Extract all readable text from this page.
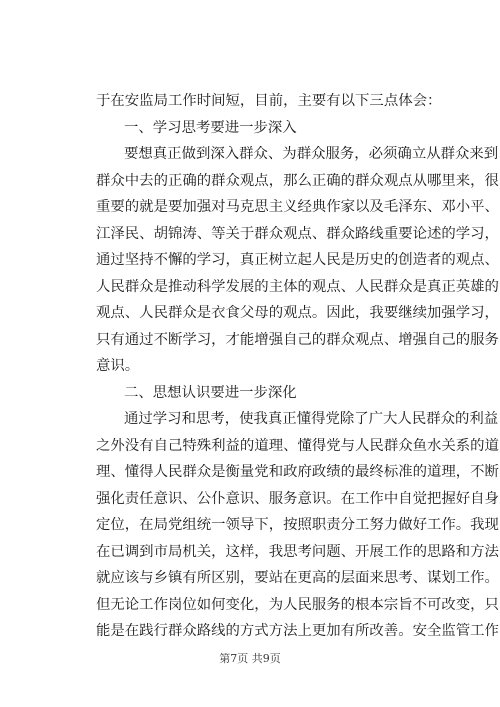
于在安监局工作时间短，目前，主要有以下三点体会：
一、学习思考要进一步深入
要想真正做到深入群众、为群众服务，必须确立从群众来到
群众中去的正确的群众观点，那么正确的群众观点从哪里来，很
重要的就是要加强对马克思主义经典作家以及毛泽东、邓小平、
江泽民、胡锦涛、等关于群众观点、群众路线重要论述的学习，
通过坚持不懈的学习，真正树立起人民是历史的创造者的观点、
人民群众是推动科学发展的主体的观点、人民群众是真正英雄的
观点、人民群众是衣食父母的观点。因此，我要继续加强学习，
只有通过不断学习，才能增强自己的群众观点、增强自己的服务
意识。
二、思想认识要进一步深化
通过学习和思考，使我真正懂得党除了广大人民群众的利益
之外没有自己特殊利益的道理、懂得党与人民群众鱼水关系的道
理、懂得人民群众是衡量党和政府政绩的最终标准的道理，不断
强化责任意识、公仆意识、服务意识。在工作中自觉把握好自身
定位，在局党组统一领导下，按照职责分工努力做好工作。我现
在已调到市局机关，这样，我思考问题、开展工作的思路和方法
就应该与乡镇有所区别，要站在更高的层面来思考、谋划工作。
但无论工作岗位如何变化，为人民服务的根本宗旨不可改变，只
能是在践行群众路线的方式方法上更加有所改善。安全监管工作
第7页 共9页
